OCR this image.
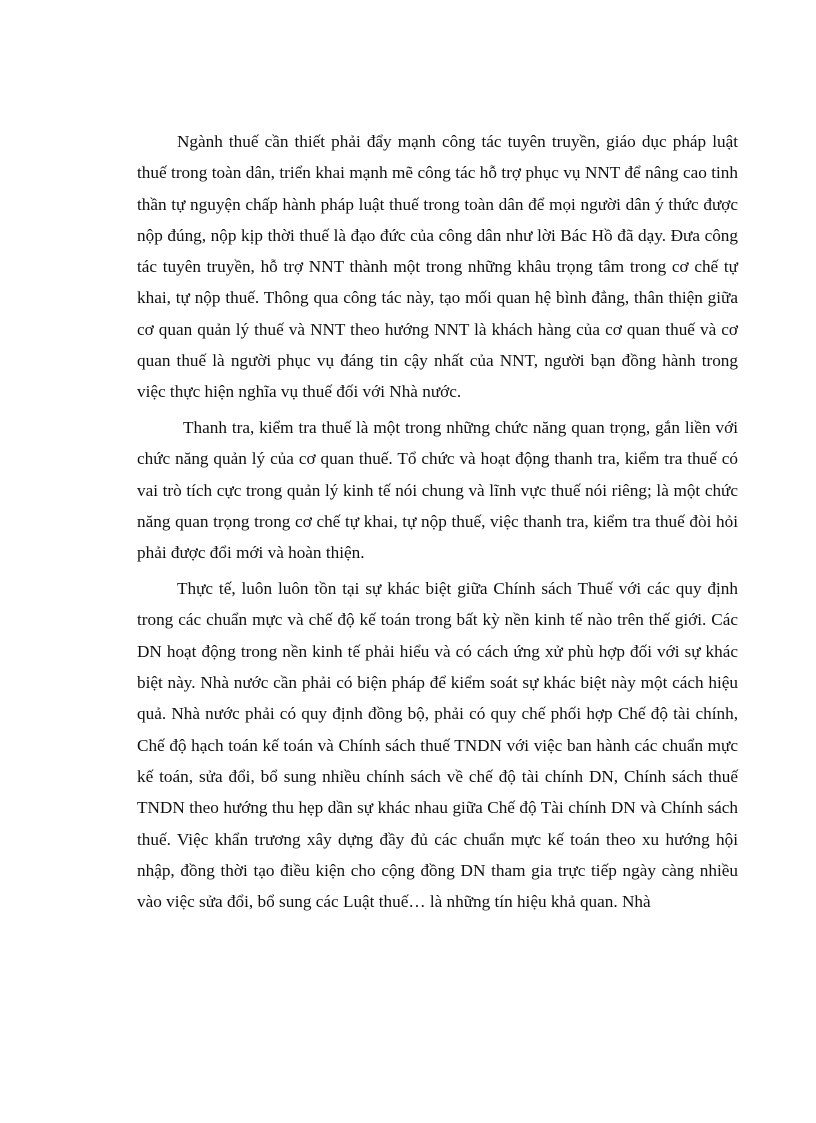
Ngành thuế cần thiết phải đẩy mạnh công tác tuyên truyền, giáo dục pháp luật thuế trong toàn dân, triển khai mạnh mẽ công tác hỗ trợ phục vụ NNT để nâng cao tinh thần tự nguyện chấp hành pháp luật thuế trong toàn dân để mọi người dân ý thức được nộp đúng, nộp kịp thời thuế là đạo đức của công dân như lời Bác Hồ đã dạy. Đưa công tác tuyên truyền, hỗ trợ NNT thành một trong những khâu trọng tâm trong cơ chế tự khai, tự nộp thuế. Thông qua công tác này, tạo mối quan hệ bình đẳng, thân thiện giữa cơ quan quản lý thuế và NNT theo hướng NNT là khách hàng của cơ quan thuế và cơ quan thuế là người phục vụ đáng tin cậy nhất của NNT, người bạn đồng hành trong việc thực hiện nghĩa vụ thuế đối với Nhà nước.

Thanh tra, kiểm tra thuế là một trong những chức năng quan trọng, gắn liền với chức năng quản lý của cơ quan thuế. Tổ chức và hoạt động thanh tra, kiểm tra thuế có vai trò tích cực trong quản lý kinh tế nói chung và lĩnh vực thuế nói riêng; là một chức năng quan trọng trong cơ chế tự khai, tự nộp thuế, việc thanh tra, kiểm tra thuế đòi hỏi phải được đổi mới và hoàn thiện.

Thực tế, luôn luôn tồn tại sự khác biệt giữa Chính sách Thuế với các quy định trong các chuẩn mực và chế độ kế toán trong bất kỳ nền kinh tế nào trên thế giới. Các DN hoạt động trong nền kinh tế phải hiểu và có cách ứng xử phù hợp đối với sự khác biệt này. Nhà nước cần phải có biện pháp để kiểm soát sự khác biệt này một cách hiệu quả. Nhà nước phải có quy định đồng bộ, phải có quy chế phối hợp Chế độ tài chính, Chế độ hạch toán kế toán và Chính sách thuế TNDN với việc ban hành các chuẩn mực kế toán, sửa đổi, bổ sung nhiều chính sách về chế độ tài chính DN, Chính sách thuế TNDN theo hướng thu hẹp dần sự khác nhau giữa Chế độ Tài chính DN và Chính sách thuế. Việc khẩn trương xây dựng đầy đủ các chuẩn mực kế toán theo xu hướng hội nhập, đồng thời tạo điều kiện cho cộng đồng DN tham gia trực tiếp ngày càng nhiều vào việc sửa đổi, bổ sung các Luật thuế… là những tín hiệu khả quan. Nhà
